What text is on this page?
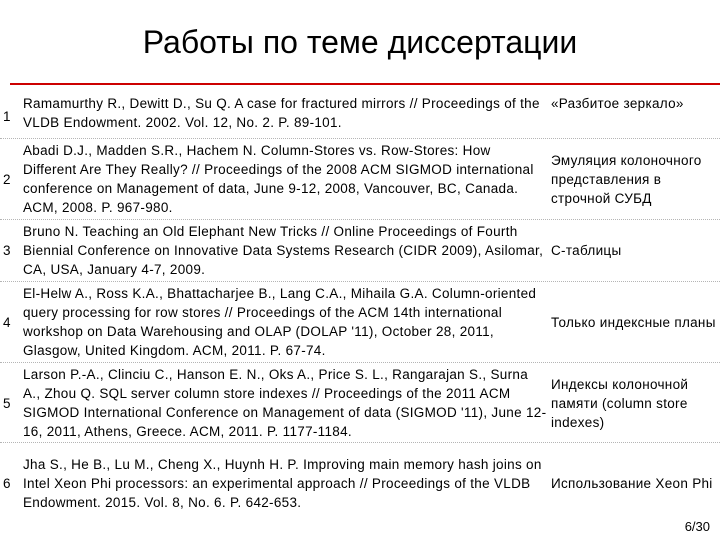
Работы по теме диссертации
1
Ramamurthy R., Dewitt D., Su Q. A case for fractured mirrors // Proceedings of the VLDB Endowment. 2002. Vol. 12, No. 2. P. 89-101.
«Разбитое зеркало»
2
Abadi D.J., Madden S.R., Hachem N. Column-Stores vs. Row-Stores: How Different Are They Really? // Proceedings of the 2008 ACM SIGMOD international conference on Management of data, June 9-12, 2008, Vancouver, BC, Canada. ACM, 2008. P. 967-980.
Эмуляция колоночного представления в строчной СУБД
3
Bruno N. Teaching an Old Elephant New Tricks // Online Proceedings of Fourth Biennial Conference on Innovative Data Systems Research (CIDR 2009), Asilomar, CA, USA, January 4-7, 2009.
C-таблицы
4
El-Helw A., Ross K.A., Bhattacharjee B., Lang C.A., Mihaila G.A. Column-oriented query processing for row stores // Proceedings of the ACM 14th international workshop on Data Warehousing and OLAP (DOLAP '11), October 28, 2011, Glasgow, United Kingdom. ACM, 2011. P. 67-74.
Только индексные планы
5
Larson P.-A., Clinciu C., Hanson E. N., Oks A., Price S. L., Rangarajan S., Surna A., Zhou Q. SQL server column store indexes // Proceedings of the 2011 ACM SIGMOD International Conference on Management of data (SIGMOD '11), June 12-16, 2011, Athens, Greece. ACM, 2011. P. 1177‑1184.
Индексы колоночной памяти (column store indexes)
6
Jha S., He B., Lu M., Cheng X., Huynh H. P. Improving main memory hash joins on Intel Xeon Phi processors: an experimental approach // Proceedings of the VLDB Endowment. 2015. Vol. 8, No. 6. P. 642-653.
Использование Xeon Phi
6/30
